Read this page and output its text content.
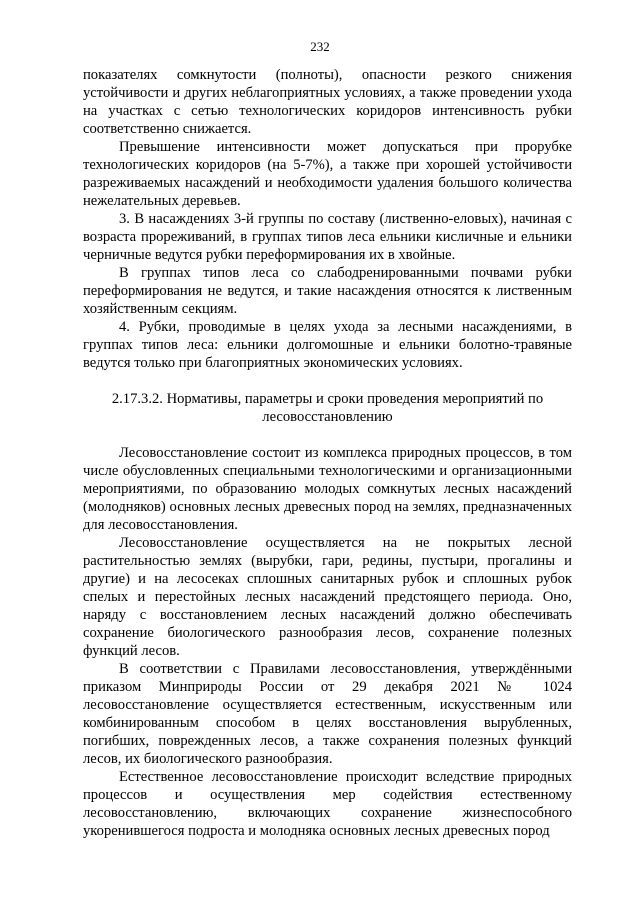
232

показателях сомкнутости (полноты), опасности резкого снижения устойчивости и других неблагоприятных условиях, а также проведении ухода на участках с сетью технологических коридоров интенсивность рубки соответственно снижается.

Превышение интенсивности может допускаться при прорубке технологических коридоров (на 5-7%), а также при хорошей устойчивости разреживаемых насаждений и необходимости удаления большого количества нежелательных деревьев.

3. В насаждениях 3-й группы по составу (лиственно-еловых), начиная с возраста прореживаний, в группах типов леса ельники кисличные и ельники черничные ведутся рубки переформирования их в хвойные.

В группах типов леса со слабодренированными почвами рубки переформирования не ведутся, и такие насаждения относятся к лиственным хозяйственным секциям.

4. Рубки, проводимые в целях ухода за лесными насаждениями, в группах типов леса: ельники долгомошные и ельники болотно-травяные ведутся только при благоприятных экономических условиях.

2.17.3.2. Нормативы, параметры и сроки проведения мероприятий по лесовосстановлению

Лесовосстановление состоит из комплекса природных процессов, в том числе обусловленных специальными технологическими и организационными мероприятиями, по образованию молодых сомкнутых лесных насаждений (молодняков) основных лесных древесных пород на землях, предназначенных для лесовосстановления.

Лесовосстановление осуществляется на не покрытых лесной растительностью землях (вырубки, гари, редины, пустыри, прогалины и другие) и на лесосеках сплошных санитарных рубок и сплошных рубок спелых и перестойных лесных насаждений предстоящего периода. Оно, наряду с восстановлением лесных насаждений должно обеспечивать сохранение биологического разнообразия лесов, сохранение полезных функций лесов.

В соответствии с Правилами лесовосстановления, утверждёнными приказом Минприроды России от 29 декабря 2021 № 1024 лесовосстановление осуществляется естественным, искусственным или комбинированным способом в целях восстановления вырубленных, погибших, поврежденных лесов, а также сохранения полезных функций лесов, их биологического разнообразия.

Естественное лесовосстановление происходит вследствие природных процессов и осуществления мер содействия естественному лесовосстановлению, включающих сохранение жизнеспособного укоренившегося подроста и молодняка основных лесных древесных пород
